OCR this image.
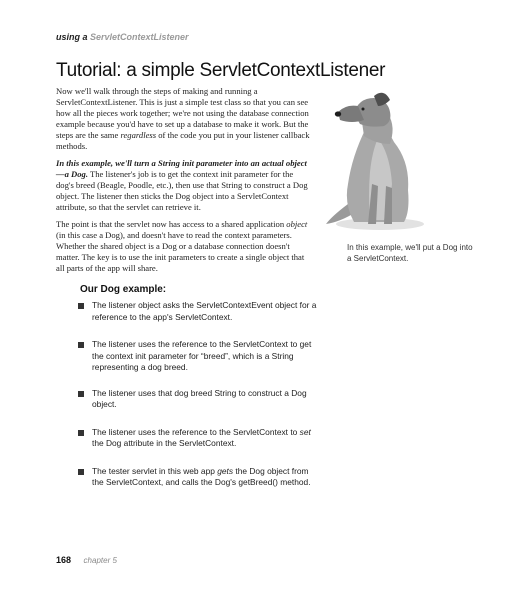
using a ServletContextListener
Tutorial: a simple ServletContextListener

Now we'll walk through the steps of making and running a ServletContextListener. This is just a simple test class so that you can see how all the pieces work together; we're not using the database connection example because you'd have to set up a database to make it work. But the steps are the same regardless of the code you put in your listener callback methods.

In this example, we'll turn a String init parameter into an actual object—a Dog. The listener's job is to get the context init parameter for the dog's breed (Beagle, Poodle, etc.), then use that String to construct a Dog object. The listener then sticks the Dog object into a ServletContext attribute, so that the servlet can retrieve it.

The point is that the servlet now has access to a shared application object (in this case a Dog), and doesn't have to read the context parameters. Whether the shared object is a Dog or a database connection doesn't matter. The key is to use the init parameters to create a single object that all parts of the app will share.

In this example, we'll put a Dog into a ServletContext.
Our Dog example:
The listener object asks the ServletContextEvent object for a reference to the app's ServletContext.
The listener uses the reference to the ServletContext to get the context init parameter for “breed”, which is a String representing a dog breed.
The listener uses that dog breed String to construct a Dog object.
The listener uses the reference to the ServletContext to set the Dog attribute in the ServletContext.
The tester servlet in this web app gets the Dog object from the ServletContext, and calls the Dog's getBreed() method.
168 chapter 5
